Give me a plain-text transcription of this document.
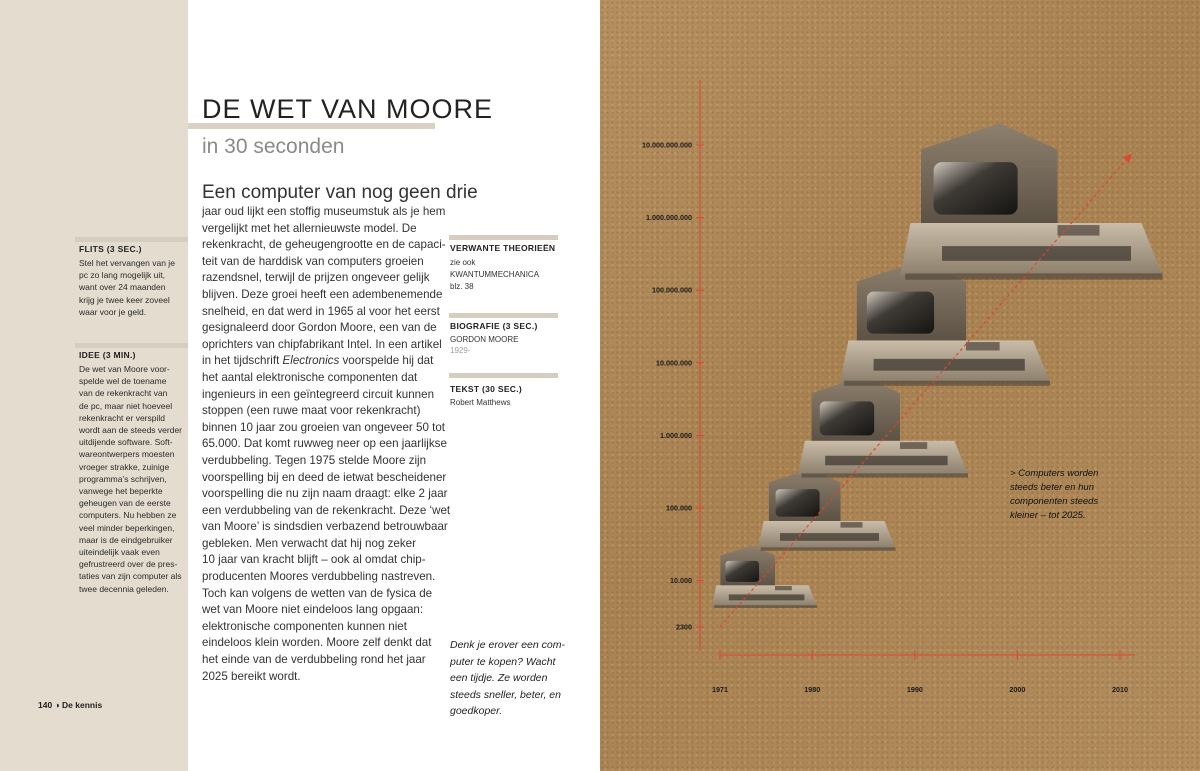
DE WET VAN MOORE
in 30 seconden
Een computer van nog geen drie
jaar oud lijkt een stoffig museumstuk als je hem
vergelijkt met het allernieuwste model. De
rekenkracht, de geheugengrootte en de capaci-
teit van de harddisk van computers groeien
razendsnel, terwijl de prijzen ongeveer gelijk
blijven. Deze groei heeft een adembenemende
snelheid, en dat werd in 1965 al voor het eerst
gesignaleerd door Gordon Moore, een van de
oprichters van chipfabrikant Intel. In een artikel
in het tijdschrift Electronics voorspelde hij dat
het aantal elektronische componenten dat
ingenieurs in een geïntegreerd circuit kunnen
stoppen (een ruwe maat voor rekenkracht)
binnen 10 jaar zou groeien van ongeveer 50 tot
65.000. Dat komt ruwweg neer op een jaarlijkse
verdubbeling. Tegen 1975 stelde Moore zijn
voorspelling bij en deed de ietwat bescheidener
voorspelling die nu zijn naam draagt: elke 2 jaar
een verdubbeling van de rekenkracht. Deze ‘wet
van Moore’ is sindsdien verbazend betrouwbaar
gebleken. Men verwacht dat hij nog zeker
10 jaar van kracht blijft – ook al omdat chip-
producenten Moores verdubbeling nastreven.
Toch kan volgens de wetten van de fysica de
wet van Moore niet eindeloos lang opgaan:
elektronische componenten kunnen niet
eindeloos klein worden. Moore zelf denkt dat
het einde van de verdubbeling rond het jaar
2025 bereikt wordt.
FLITS (3 SEC.)
Stel het vervangen van je
pc zo lang mogelijk uit,
want over 24 maanden
krijg je twee keer zoveel
waar voor je geld.
IDEE (3 MIN.)
De wet van Moore voor-
spelde wel de toename
van de rekenkracht van
de pc, maar niet hoeveel
rekenkracht er verspild
wordt aan de steeds verder
uitdijende software. Soft-
wareontwerpers moesten
vroeger strakke, zuinige
programma’s schrijven,
vanwege het beperkte
geheugen van de eerste
computers. Nu hebben ze
veel minder beperkingen,
maar is de eindgebruiker
uiteindelijk vaak even
gefrustreerd over de pres-
taties van zijn computer als
twee decennia geleden.
VERWANTE THEORIEËN
zie ook
KWANTUMMECHANICA
blz. 38
BIOGRAFIE (3 SEC.)
GORDON MOORE
1929-
TEKST (30 SEC.)
Robert Matthews
Denk je erover een com-
puter te kopen? Wacht
een tijdje. Ze worden
steeds sneller, beter, en
goedkoper.
140 ◑ De kennis
2300
10.000
100.000
1.000.000
10.000.000
100.000.000
1.000.000.000
10.000.000.000
1971	1980	1990	2000	2010
> Computers worden
steeds beter en hun
componenten steeds
kleiner – tot 2025.
